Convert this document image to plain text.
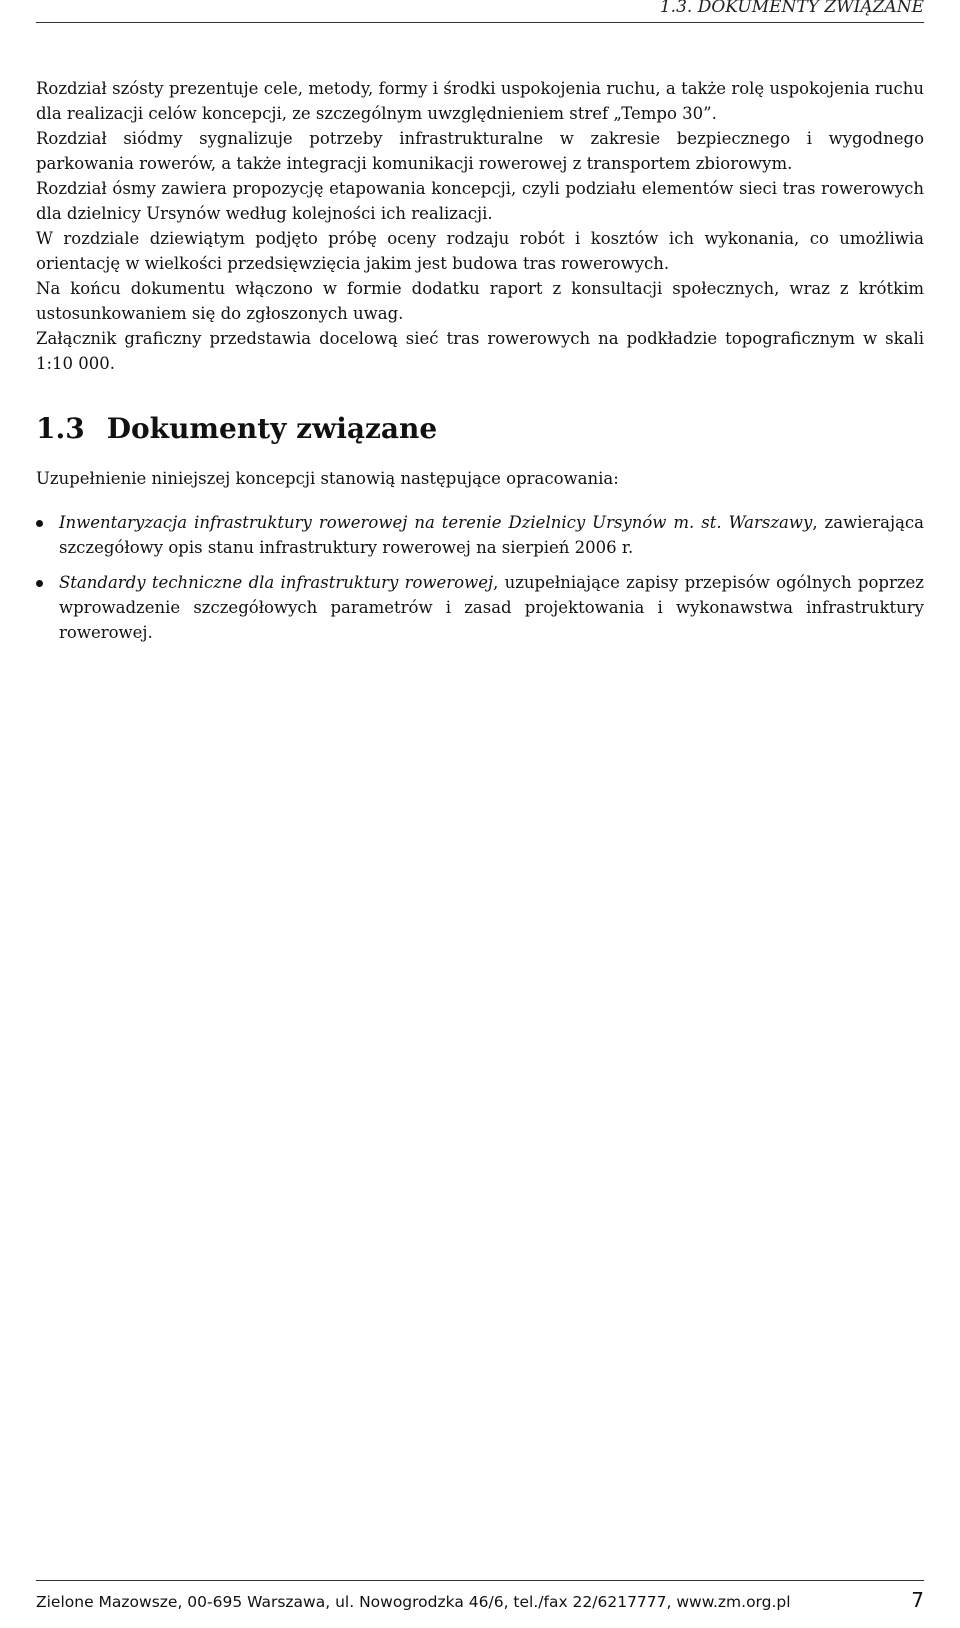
1.3. DOKUMENTY ZWIĄZANE

Rozdział szósty prezentuje cele, metody, formy i środki uspokojenia ruchu, a także rolę uspokojenia ruchu dla realizacji celów koncepcji, ze szczególnym uwzględnieniem stref „Tempo 30”.

Rozdział siódmy sygnalizuje potrzeby infrastrukturalne w zakresie bezpiecznego i wygodnego parkowania rowerów, a także integracji komunikacji rowerowej z transportem zbiorowym.

Rozdział ósmy zawiera propozycję etapowania koncepcji, czyli podziału elementów sieci tras rowerowych dla dzielnicy Ursynów według kolejności ich realizacji.

W rozdziale dziewiątym podjęto próbę oceny rodzaju robót i kosztów ich wykonania, co umożliwia orientację w wielkości przedsięwzięcia jakim jest budowa tras rowerowych.

Na końcu dokumentu włączono w formie dodatku raport z konsultacji społecznych, wraz z krótkim ustosunkowaniem się do zgłoszonych uwag.

Załącznik graficzny przedstawia docelową sieć tras rowerowych na podkładzie topograficznym w skali 1:10 000.

1.3 Dokumenty związane

Uzupełnienie niniejszej koncepcji stanowią następujące opracowania:

Inwentaryzacja infrastruktury rowerowej na terenie Dzielnicy Ursynów m. st. Warszawy, zawierająca szczegółowy opis stanu infrastruktury rowerowej na sierpień 2006 r.
Standardy techniczne dla infrastruktury rowerowej, uzupełniające zapisy przepisów ogólnych poprzez wprowadzenie szczegółowych parametrów i zasad projektowania i wykonawstwa infrastruktury rowerowej.
Zielone Mazowsze, 00-695 Warszawa, ul. Nowogrodzka 46/6, tel./fax 22/6217777, www.zm.org.pl	7
